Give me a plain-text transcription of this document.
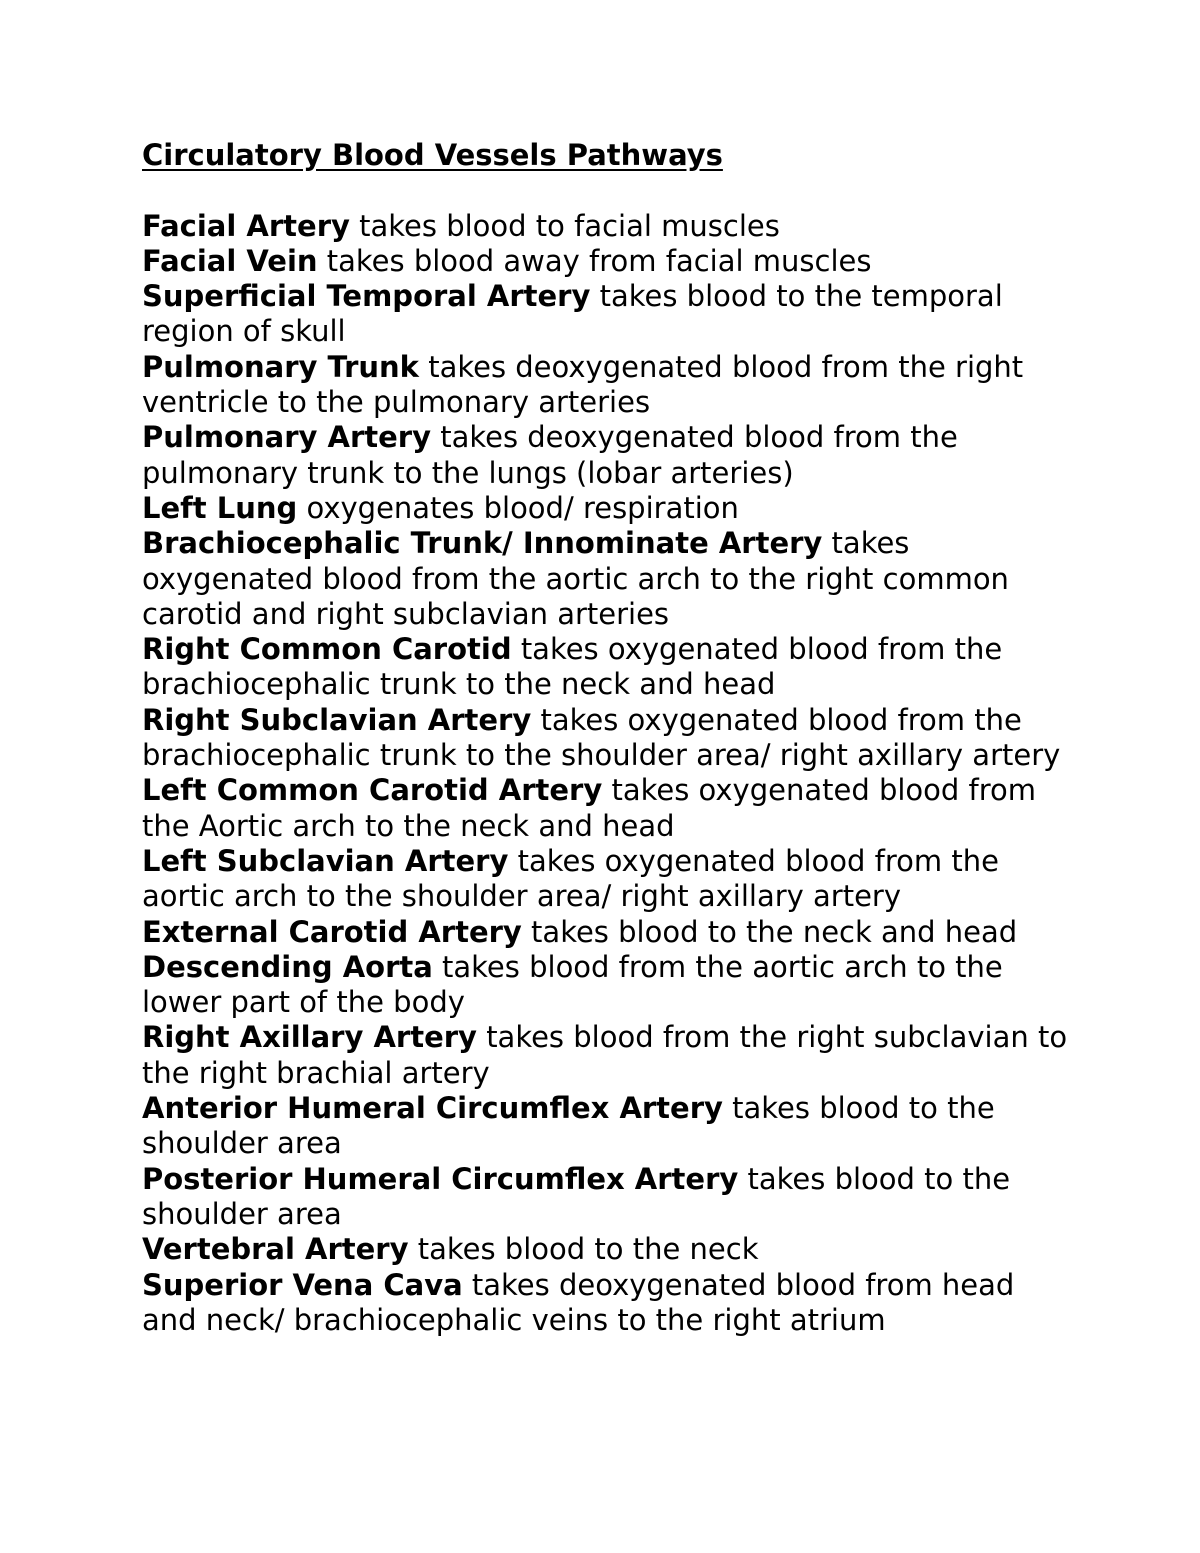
Circulatory Blood Vessels Pathways

Facial Artery takes blood to facial muscles

Facial Vein takes blood away from facial muscles

Superficial Temporal Artery takes blood to the temporal region of skull

Pulmonary Trunk takes deoxygenated blood from the right ventricle to the pulmonary arteries

Pulmonary Artery takes deoxygenated blood from the pulmonary trunk to the lungs (lobar arteries)

Left Lung oxygenates blood/ respiration

Brachiocephalic Trunk/ Innominate Artery takes oxygenated blood from the aortic arch to the right common carotid and right subclavian arteries

Right Common Carotid takes oxygenated blood from the brachiocephalic trunk to the neck and head

Right Subclavian Artery takes oxygenated blood from the brachiocephalic trunk to the shoulder area/ right axillary artery

Left Common Carotid Artery takes oxygenated blood from the Aortic arch to the neck and head

Left Subclavian Artery takes oxygenated blood from the aortic arch to the shoulder area/ right axillary artery

External Carotid Artery takes blood to the neck and head

Descending Aorta takes blood from the aortic arch to the lower part of the body

Right Axillary Artery takes blood from the right subclavian to the right brachial artery

Anterior Humeral Circumflex Artery takes blood to the shoulder area

Posterior Humeral Circumflex Artery takes blood to the shoulder area

Vertebral Artery takes blood to the neck

Superior Vena Cava takes deoxygenated blood from head and neck/ brachiocephalic veins to the right atrium
